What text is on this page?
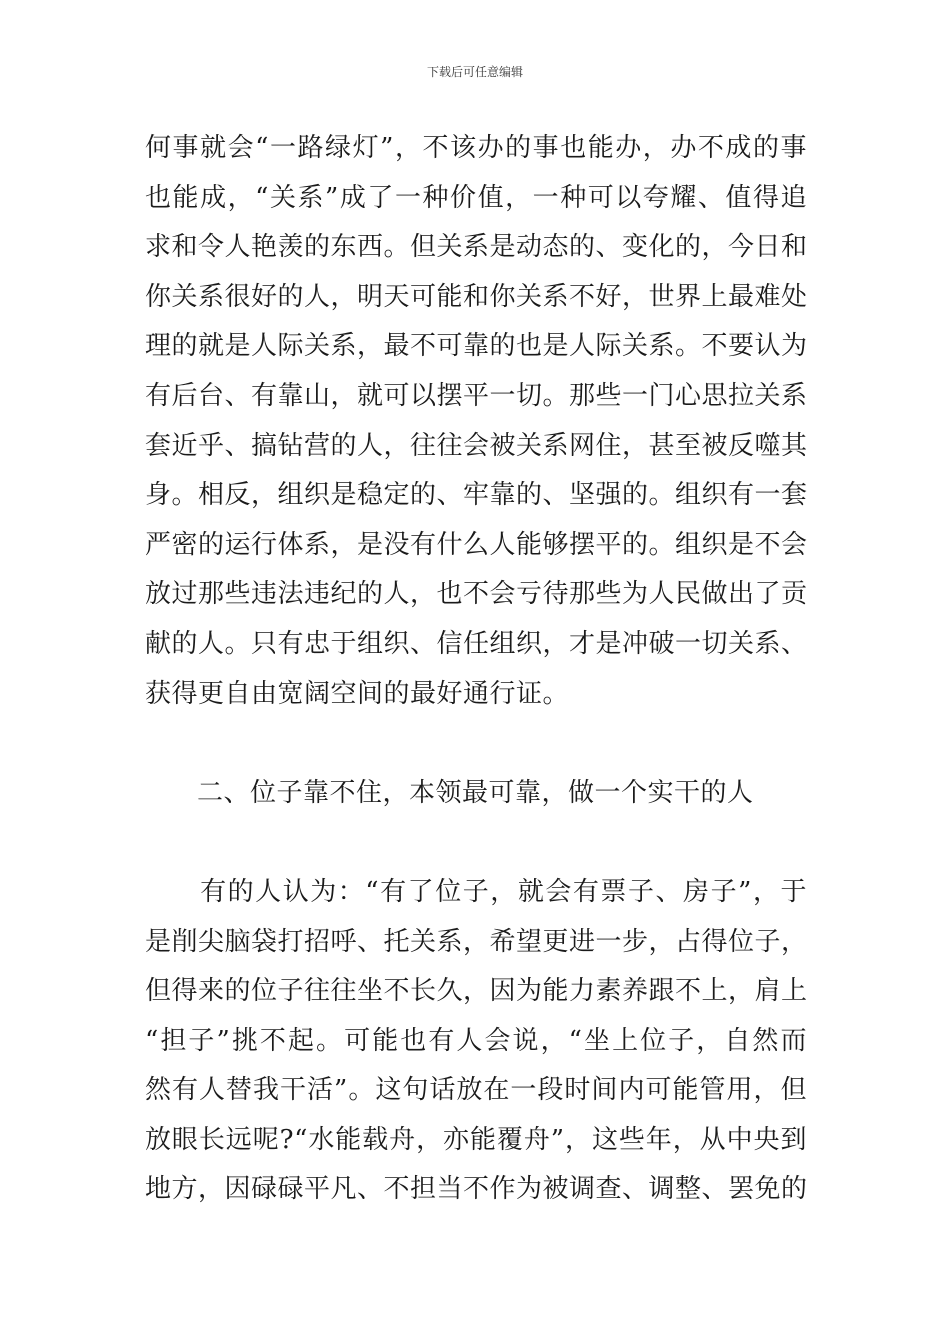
下载后可任意编辑
何事就会“一路绿灯”，不该办的事也能办，办不成的事
也能成，“关系”成了一种价值，一种可以夸耀、值得追
求和令人艳羡的东西。但关系是动态的、变化的，今日和
你关系很好的人，明天可能和你关系不好，世界上最难处
理的就是人际关系，最不可靠的也是人际关系。不要认为
有后台、有靠山，就可以摆平一切。那些一门心思拉关系
套近乎、搞钻营的人，往往会被关系网住，甚至被反噬其
身。相反，组织是稳定的、牢靠的、坚强的。组织有一套
严密的运行体系，是没有什么人能够摆平的。组织是不会
放过那些违法违纪的人，也不会亏待那些为人民做出了贡
献的人。只有忠于组织、信任组织，才是冲破一切关系、
获得更自由宽阔空间的最好通行证。
二、位子靠不住，本领最可靠，做一个实干的人
　　有的人认为：“有了位子，就会有票子、房子”，于
是削尖脑袋打招呼、托关系，希望更进一步，占得位子，
但得来的位子往往坐不长久，因为能力素养跟不上，肩上
“担子”挑不起。可能也有人会说，“坐上位子，自然而
然有人替我干活”。这句话放在一段时间内可能管用，但
放眼长远呢?“水能载舟，亦能覆舟”，这些年，从中央到
地方，因碌碌平凡、不担当不作为被调查、调整、罢免的
